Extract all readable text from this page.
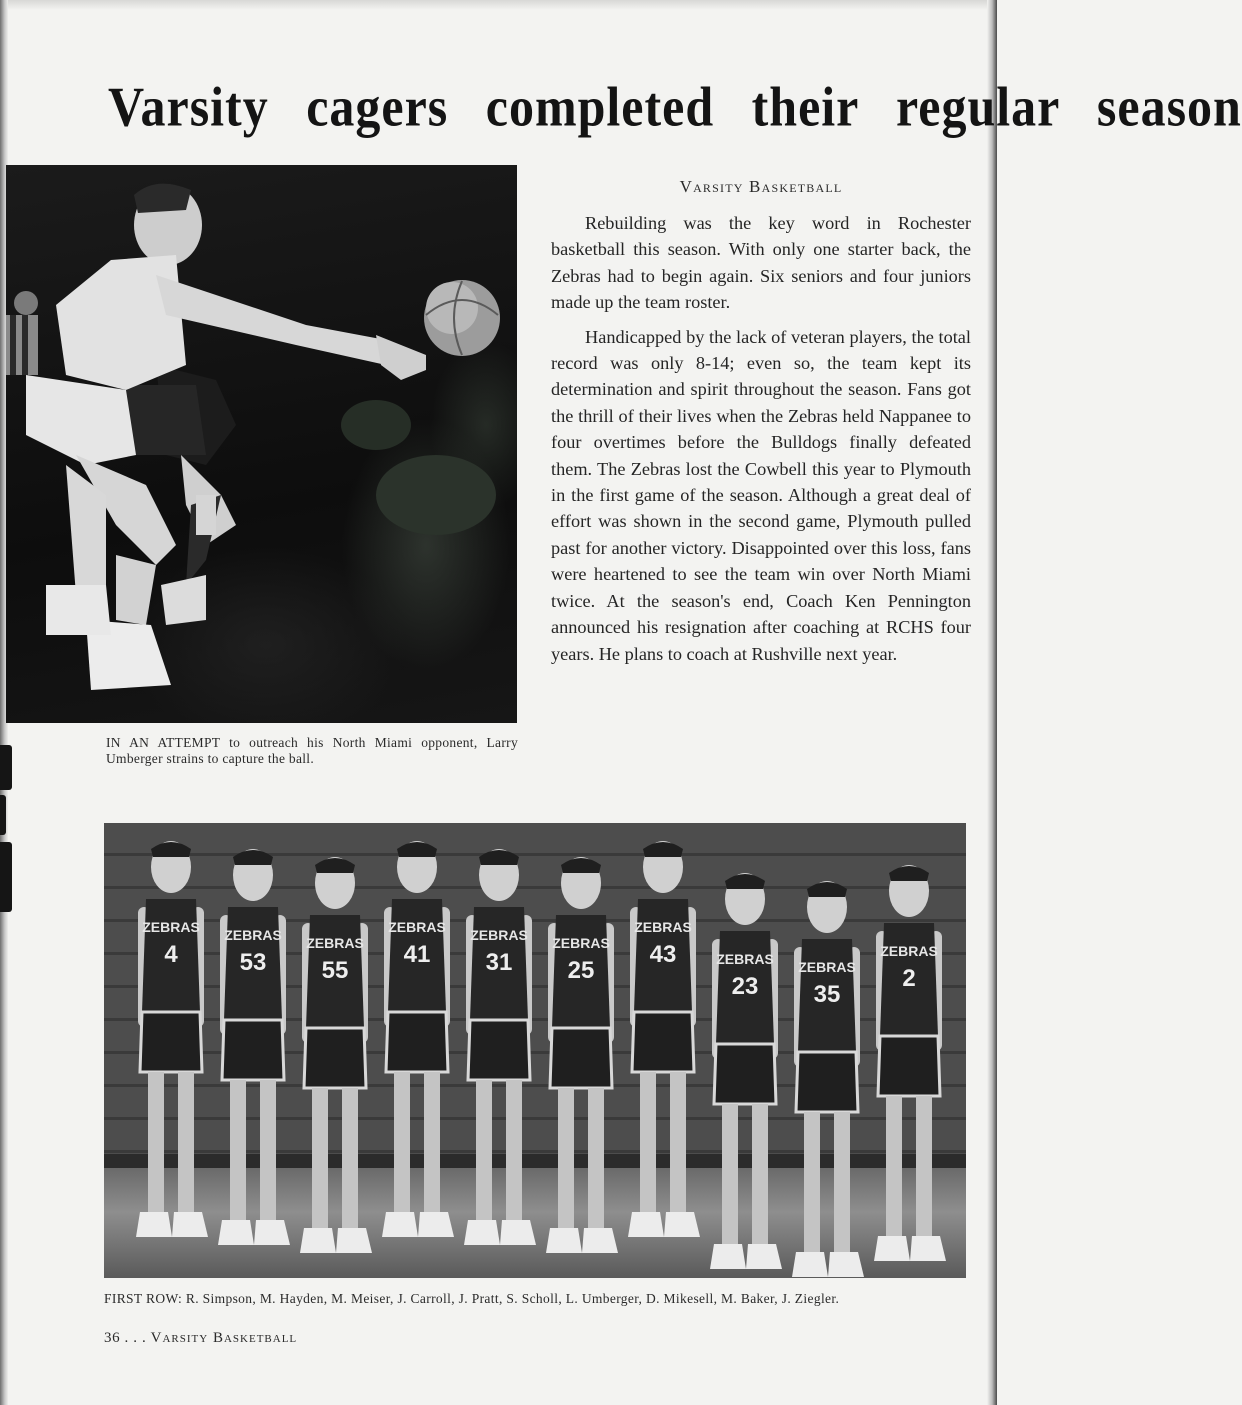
Varsity cagers completed their regular season
IN AN ATTEMPT to outreach his North Miami opponent, Larry Umberger strains to capture the ball.
Varsity Basketball

Rebuilding was the key word in Rochester basketball this season. With only one starter back, the Zebras had to begin again. Six seniors and four juniors made up the team roster.

Handicapped by the lack of veteran players, the total record was only 8-14; even so, the team kept its determination and spirit throughout the season. Fans got the thrill of their lives when the Zebras held Nappanee to four overtimes before the Bulldogs finally defeated them. The Zebras lost the Cowbell this year to Plymouth in the first game of the season. Although a great deal of effort was shown in the second game, Plymouth pulled past for another victory. Disappointed over this loss, fans were heartened to see the team win over North Miami twice. At the season's end, Coach Ken Pennington announced his resignation after coaching at RCHS four years. He plans to coach at Rushville next year.

ZEBRAS
4
ZEBRAS
53
ZEBRAS
55
ZEBRAS
41
ZEBRAS
31
ZEBRAS
25
ZEBRAS
43	ZEBRAS
23
ZEBRAS
35
ZEBRAS
2
FIRST ROW: R. Simpson, M. Hayden, M. Meiser, J. Carroll, J. Pratt, S. Scholl, L. Umberger, D. Mikesell, M. Baker, J. Ziegler.
36 . . . Varsity Basketball
